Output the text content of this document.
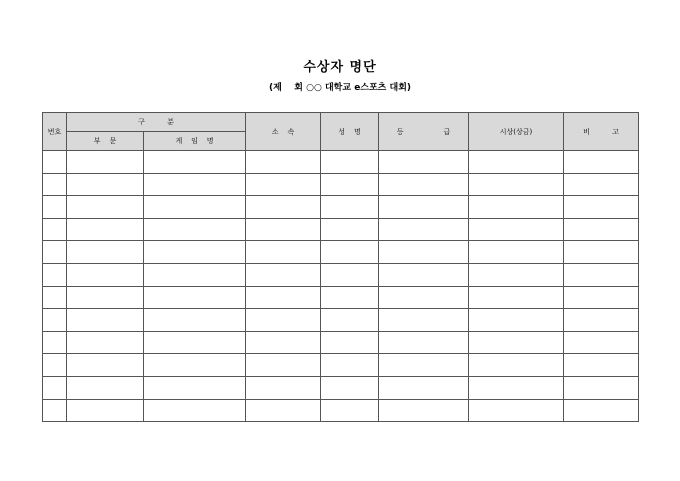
수상자 명단
(제    회 ○○ 대학교 e스포츠 대회)
번호	구          분		소    속	성    명	등                  급	시상(상금)	비          고
	부    문	게    임    명					
